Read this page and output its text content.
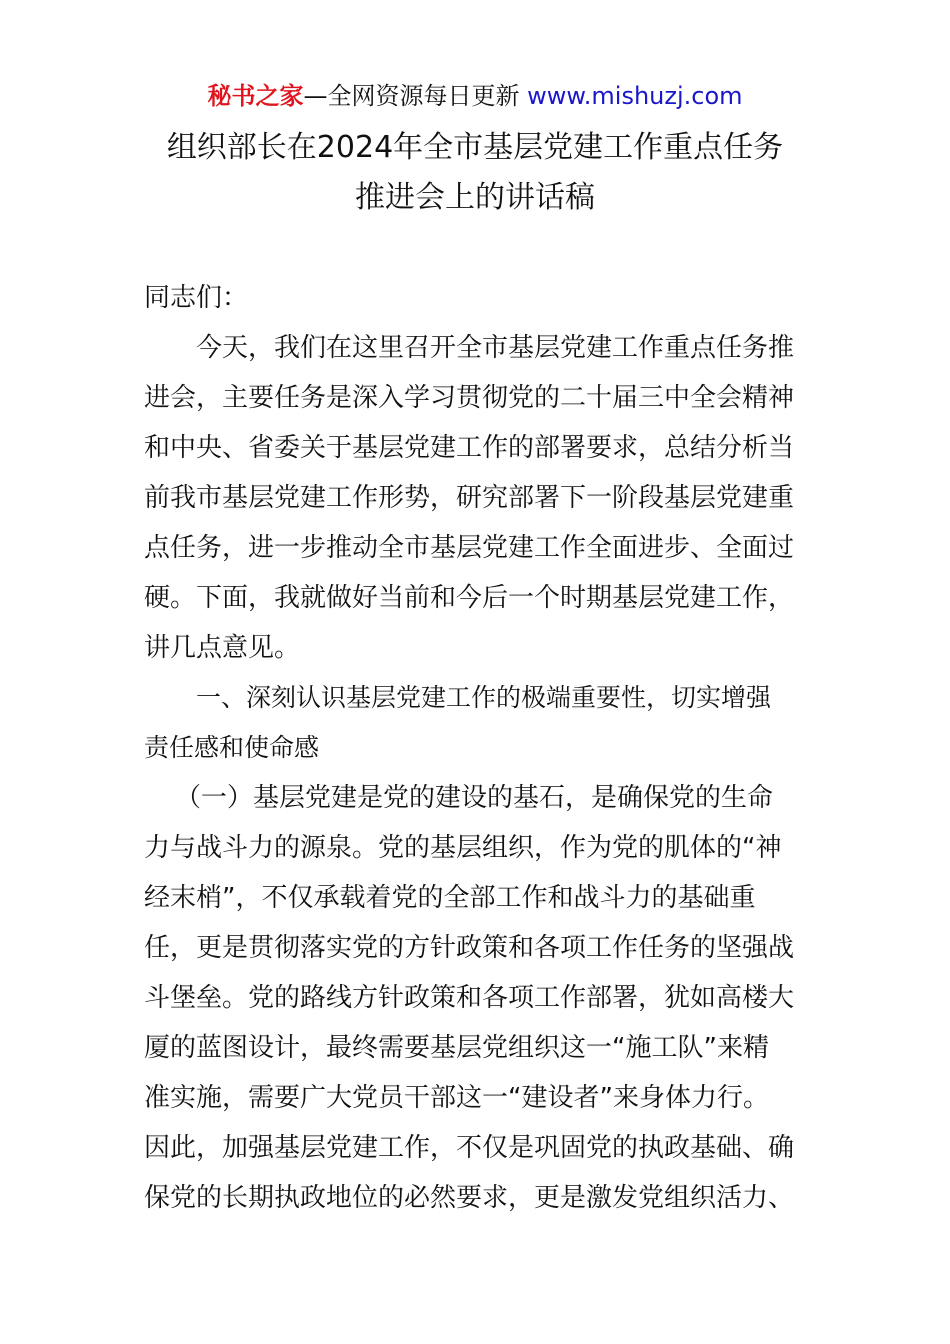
秘书之家—全网资源每日更新 www.mishuzj.com
组织部长在2024年全市基层党建工作重点任务
推进会上的讲话稿
同志们：
今天，我们在这里召开全市基层党建工作重点任务推
进会，主要任务是深入学习贯彻党的二十届三中全会精神
和中央、省委关于基层党建工作的部署要求，总结分析当
前我市基层党建工作形势，研究部署下一阶段基层党建重
点任务，进一步推动全市基层党建工作全面进步、全面过
硬。下面，我就做好当前和今后一个时期基层党建工作，
讲几点意见。
一、深刻认识基层党建工作的极端重要性，切实增强
责任感和使命感
（一）基层党建是党的建设的基石，是确保党的生命
力与战斗力的源泉。党的基层组织，作为党的肌体的“神
经末梢”，不仅承载着党的全部工作和战斗力的基础重
任，更是贯彻落实党的方针政策和各项工作任务的坚强战
斗堡垒。党的路线方针政策和各项工作部署，犹如高楼大
厦的蓝图设计，最终需要基层党组织这一“施工队”来精
准实施，需要广大党员干部这一“建设者”来身体力行。
因此，加强基层党建工作，不仅是巩固党的执政基础、确
保党的长期执政地位的必然要求，更是激发党组织活力、
